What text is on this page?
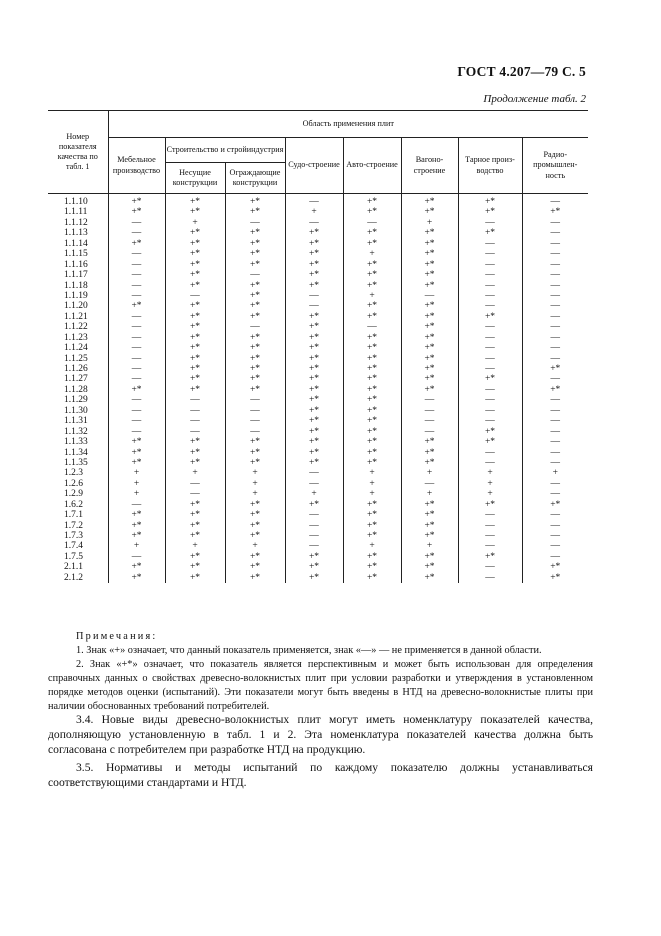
ГОСТ 4.207—79 С. 5
Продолжение табл. 2
Номер показателя качества по табл. 1	Область применения плит							
	Мебельное производство	Строительство и стройиндустрия		Судо-строение	Авто-строение	Вагоно-строение	Тарное произ-водство	Радио-промышлен-ность
		Несущие конструкции	Ограждающие конструкции					
1.1.10	+*	+*	+*	—	+*	+*	+*	—
1.1.11	+*	+*	+*	+	+*	+*	+*	+*
1.1.12	—	+	—	—	—	+	—	—
1.1.13	—	+*	+*	+*	+*	+*	+*	—
1.1.14	+*	+*	+*	+*	+*	+*	—	—
1.1.15	—	+*	+*	+*	+	+*	—	—
1.1.16	—	+*	+*	+*	+*	+*	—	—
1.1.17	—	+*	—	+*	+*	+*	—	—
1.1.18	—	+*	+*	+*	+*	+*	—	—
1.1.19	—	—	+*	—	+	—	—	—
1.1.20	+*	+*	+*	—	+*	+*	—	—
1.1.21	—	+*	+*	+*	+*	+*	+*	—
1.1.22	—	+*	—	+*	—	+*	—	—
1.1.23	—	+*	+*	+*	+*	+*	—	—
1.1.24	—	+*	+*	+*	+*	+*	—	—
1.1.25	—	+*	+*	+*	+*	+*	—	—
1.1.26	—	+*	+*	+*	+*	+*	—	+*
1.1.27	—	+*	+*	+*	+*	+*	+*	—
1.1.28	+*	+*	+*	+*	+*	+*	—	+*
1.1.29	—	—	—	+*	+*	—	—	—
1.1.30	—	—	—	+*	+*	—	—	—
1.1.31	—	—	—	+*	+*	—	—	—
1.1.32	—	—	—	+*	+*	—	+*	—
1.1.33	+*	+*	+*	+*	+*	+*	+*	—
1.1.34	+*	+*	+*	+*	+*	+*	—	—
1.1.35	+*	+*	+*	+*	+*	+*	—	—
1.2.3	+	+	+	—	+	+	+	+
1.2.6	+	—	+	—	+	—	+	—
1.2.9	+	—	+	+	+	+	+	—
1.6.2	—	+*	+*	+*	+*	+*	+*	+*
1.7.1	+*	+*	+*	—	+*	+*	—	—
1.7.2	+*	+*	+*	—	+*	+*	—	—
1.7.3	+*	+*	+*	—	+*	+*	—	—
1.7.4	+	+	+	—	+	+	—	—
1.7.5	—	+*	+*	+*	+*	+*	+*	—
2.1.1	+*	+*	+*	+*	+*	+*	—	+*
2.1.2	+*	+*	+*	+*	+*	+*	—	+*
Примечания:

1. Знак «+» означает, что данный показатель применяется, знак «—» — не применяется в данной области.

2. Знак «+*» означает, что показатель является перспективным и может быть использован для определения справочных данных о свойствах древесно-волокнистых плит при условии разработки и утверждения в установленном порядке методов оценки (испытаний). Эти показатели могут быть введены в НТД на древесно-волокнистые плиты при наличии обоснованных требований потребителей.

3.4. Новые виды древесно-волокнистых плит могут иметь номенклатуру показателей качества, дополняющую установленную в табл. 1 и 2. Эта номенклатура показателей качества должна быть согласована с потребителем при разработке НТД на продукцию.

3.5. Нормативы и методы испытаний по каждому показателю должны устанавливаться соответствующими стандартами и НТД.
